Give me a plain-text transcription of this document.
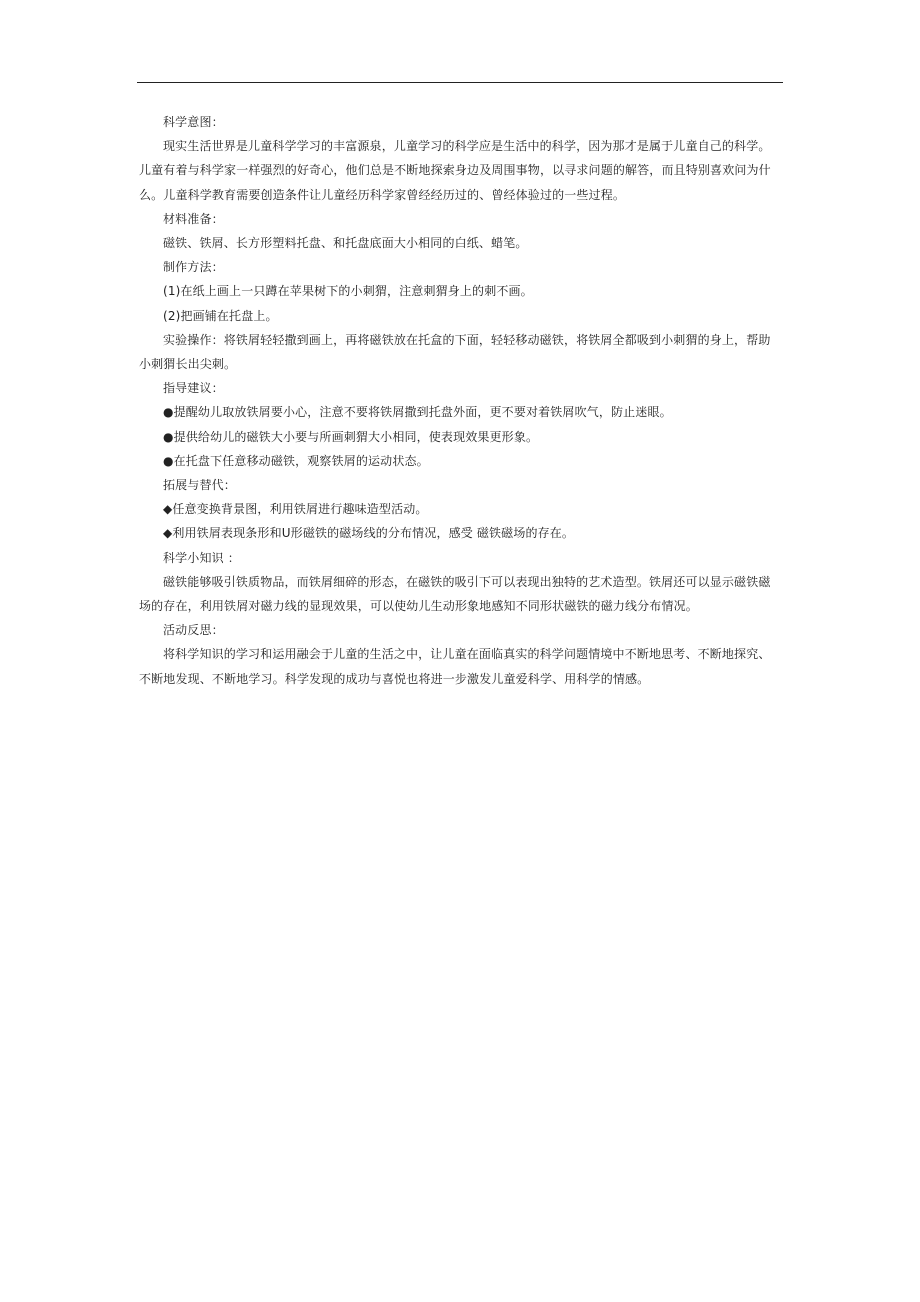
科学意图：
现实生活世界是儿童科学学习的丰富源泉，儿童学习的科学应是生活中的科学，因为那才是属于儿童自己的科学。
儿童有着与科学家一样强烈的好奇心，他们总是不断地探索身边及周围事物，以寻求问题的解答，而且特别喜欢问为什
么。儿童科学教育需要创造条件让儿童经历科学家曾经经历过的、曾经体验过的一些过程。
材料准备：
磁铁、铁屑、长方形塑料托盘、和托盘底面大小相同的白纸、蜡笔。
制作方法：
(1)在纸上画上一只蹲在苹果树下的小刺猬，注意刺猬身上的刺不画。
(2)把画铺在托盘上。
实验操作：将铁屑轻轻撒到画上，再将磁铁放在托盒的下面，轻轻移动磁铁，将铁屑全都吸到小刺猬的身上，帮助
小刺猬长出尖刺。
指导建议：
●提醒幼儿取放铁屑要小心，注意不要将铁屑撒到托盘外面，更不要对着铁屑吹气，防止迷眼。
●提供给幼儿的磁铁大小要与所画刺猬大小相同，使表现效果更形象。
●在托盘下任意移动磁铁，观察铁屑的运动状态。
拓展与替代：
◆任意变换背景图，利用铁屑进行趣味造型活动。
◆利用铁屑表现条形和U形磁铁的磁场线的分布情况，感受 磁铁磁场的存在。
科学小知识 ：
磁铁能够吸引铁质物品，而铁屑细碎的形态，在磁铁的吸引下可以表现出独特的艺术造型。铁屑还可以显示磁铁磁
场的存在，利用铁屑对磁力线的显现效果，可以使幼儿生动形象地感知不同形状磁铁的磁力线分布情况。
活动反思：
将科学知识的学习和运用融会于儿童的生活之中，让儿童在面临真实的科学问题情境中不断地思考、不断地探究、
不断地发现、不断地学习。科学发现的成功与喜悦也将进一步激发儿童爱科学、用科学的情感。
